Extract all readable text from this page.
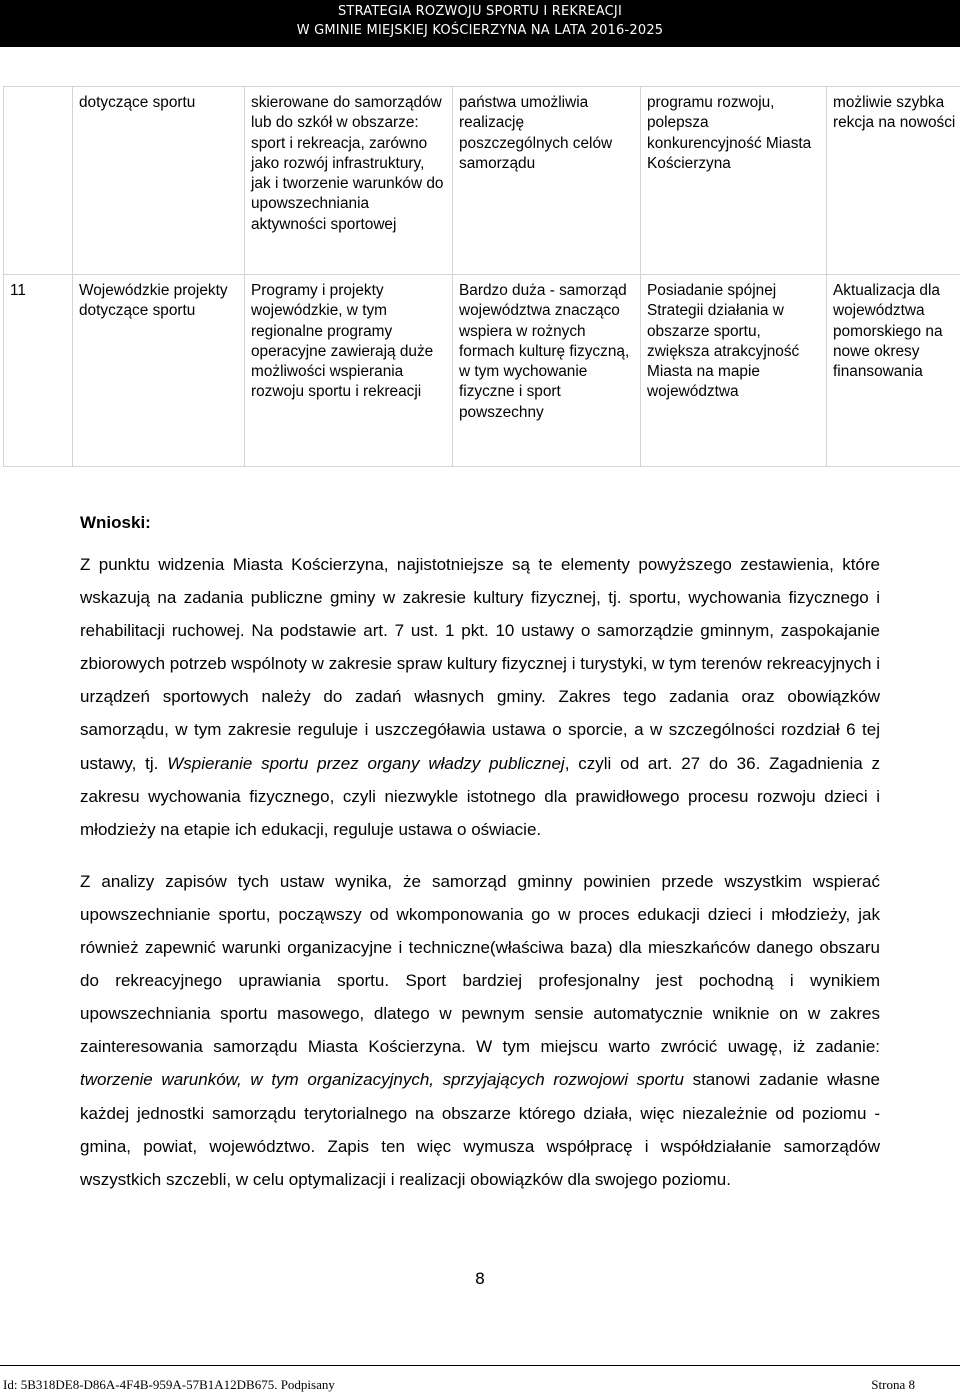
STRATEGIA ROZWOJU SPORTU I REKREACJI
W GMINIE MIEJSKIEJ KOŚCIERZYNA NA LATA 2016-2025
	dotyczące sportu	skierowane do samorządów lub do szkół w obszarze: sport i rekreacja, zarówno jako rozwój infrastruktury, jak i tworzenie warunków do upowszechniania aktywności sportowej	państwa umożliwia realizację poszczególnych celów samorządu	programu rozwoju, polepsza konkurencyjność Miasta Kościerzyna	możliwie szybka rekcja na nowości
11	Wojewódzkie projekty dotyczące sportu	Programy i projekty wojewódzkie, w tym regionalne programy operacyjne zawierają duże możliwości wspierania rozwoju sportu i rekreacji	Bardzo duża - samorząd województwa znacząco wspiera w rożnych formach kulturę fizyczną, w tym wychowanie fizyczne i sport powszechny	Posiadanie spójnej Strategii działania w obszarze sportu, zwiększa atrakcyjność Miasta na mapie województwa	Aktualizacja dla województwa pomorskiego na nowe okresy finansowania
Wnioski:

Z punktu widzenia Miasta Kościerzyna, najistotniejsze są te elementy powyższego zestawienia, które wskazują na zadania publiczne gminy w zakresie kultury fizycznej, tj. sportu, wychowania fizycznego i rehabilitacji ruchowej. Na podstawie art. 7 ust. 1 pkt. 10 ustawy o samorządzie gminnym, zaspokajanie zbiorowych potrzeb wspólnoty w zakresie spraw kultury fizycznej i turystyki, w tym terenów rekreacyjnych i urządzeń sportowych należy do zadań własnych gminy. Zakres tego zadania oraz obowiązków samorządu, w tym zakresie reguluje i uszczegóławia ustawa o sporcie, a w szczególności rozdział 6 tej ustawy, tj. Wspieranie sportu przez organy władzy publicznej, czyli od art. 27 do 36. Zagadnienia z zakresu wychowania fizycznego, czyli niezwykle istotnego dla prawidłowego procesu rozwoju dzieci i młodzieży na etapie ich edukacji, reguluje ustawa o oświacie.

Z analizy zapisów tych ustaw wynika, że samorząd gminny powinien przede wszystkim wspierać upowszechnianie sportu, począwszy od wkomponowania go w proces edukacji dzieci i młodzieży, jak również zapewnić warunki organizacyjne i techniczne(właściwa baza) dla mieszkańców danego obszaru do rekreacyjnego uprawiania sportu. Sport bardziej profesjonalny jest pochodną i wynikiem upowszechniania sportu masowego, dlatego w pewnym sensie automatycznie wniknie on w zakres zainteresowania samorządu Miasta Kościerzyna. W tym miejscu warto zwrócić uwagę, iż zadanie: tworzenie warunków, w tym organizacyjnych, sprzyjających rozwojowi sportu stanowi zadanie własne każdej jednostki samorządu terytorialnego na obszarze którego działa, więc niezależnie od poziomu - gmina, powiat, województwo. Zapis ten więc wymusza współpracę i współdziałanie samorządów wszystkich szczebli, w celu optymalizacji i realizacji obowiązków dla swojego poziomu.

8
Id: 5B318DE8-D86A-4F4B-959A-57B1A12DB675. Podpisany	Strona 8
